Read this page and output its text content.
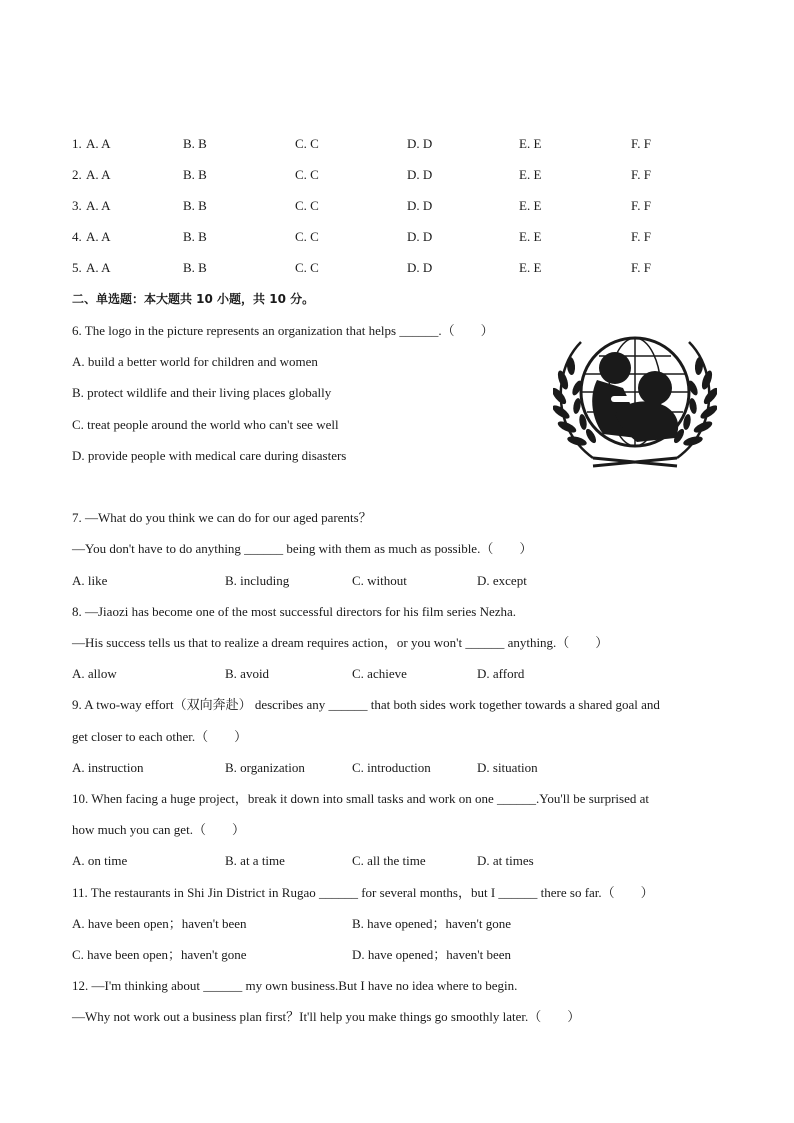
1. A. A	B. B	C. C	D. D	E. E	F. F
2. A. A	B. B	C. C	D. D	E. E	F. F
3. A. A	B. B	C. C	D. D	E. E	F. F
4. A. A	B. B	C. C	D. D	E. E	F. F
5. A. A	B. B	C. C	D. D	E. E	F. F
二、单选题：本大题共 10 小题，共 10 分。
6. The logo in the picture represents an organization that helps ______.（　　）
A. build a better world for children and women
B. protect wildlife and their living places globally
C. treat people around the world who can't see well
D. provide people with medical care during disasters
7. —What do you think we can do for our aged parents？
—You don't have to do anything ______ being with them as much as possible.（　　）
A. like	B. including	C. without	D. except
8. —Jiaozi has become one of the most successful directors for his film series Nezha.
—His success tells us that to realize a dream requires action，or you won't ______ anything.（　　）
A. allow	B. avoid	C. achieve	D. afford
9. A two-way effort（双向奔赴） describes any ______ that both sides work together towards a shared goal and
get closer to each other.（　　）
A. instruction	B. organization	C. introduction	D. situation
10. When facing a huge project，break it down into small tasks and work on one ______.You'll be surprised at
how much you can get.（　　）
A. on time	B. at a time	C. all the time	D. at times
11. The restaurants in Shi Jin District in Rugao ______ for several months，but I ______ there so far.（　　）
A. have been open；haven't been	B. have opened；haven't gone
C. have been open；haven't gone	D. have opened；haven't been
12. —I'm thinking about ______ my own business.But I have no idea where to begin.
—Why not work out a business plan first？It'll help you make things go smoothly later.（　　）
